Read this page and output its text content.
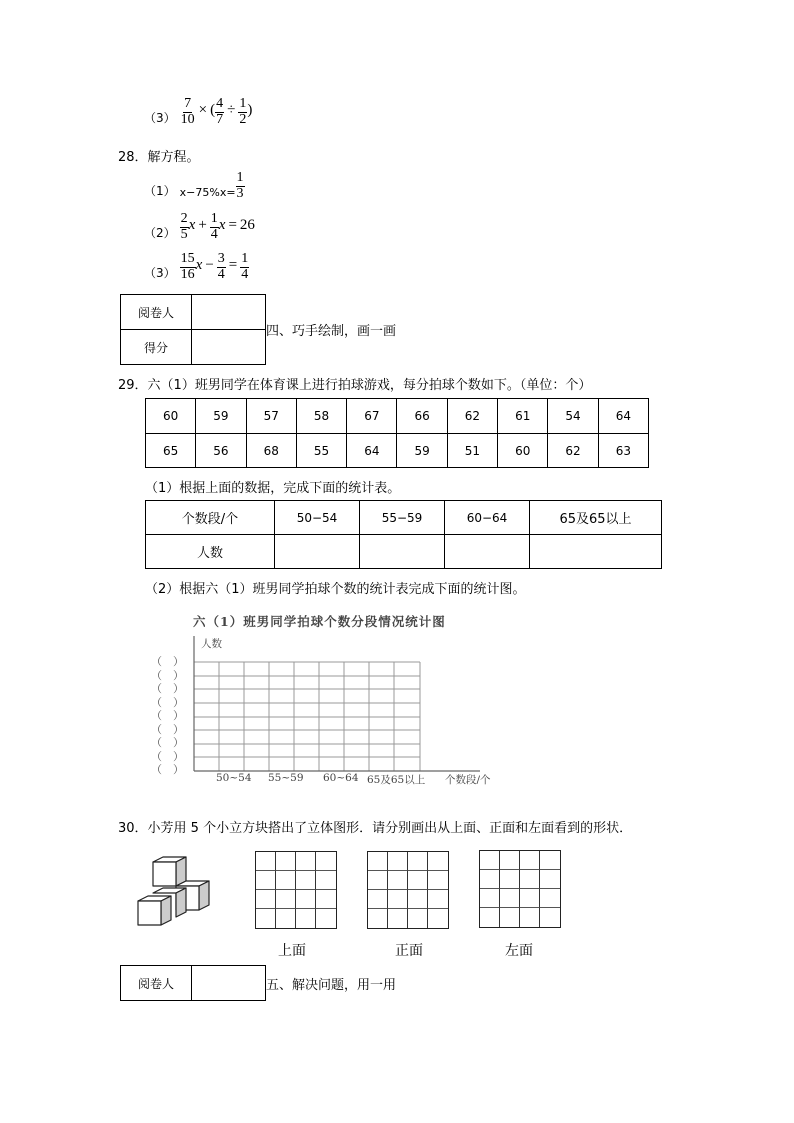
$(3) \frac{7}{10}$ × ( $\frac{4}{7} \div \frac{1}{2}$ )
28．解方程。
（1） $x-75\%x= \frac{1}{3}$
$(2) \frac{2}{5}$ $x + \frac{1}{4}$ x = 26
$(3) \frac{15}{16}$ $x - \frac{3}{4} = \frac{1}{4}$
阅卷人	
得分	
四、巧手绘制，画一画
29．六（1）班男同学在体育课上进行拍球游戏，每分拍球个数如下。（单位：个）
60	59	57	58	67	66	62	61	54	64
65	56	68	55	64	59	51	60	62	63
（1）根据上面的数据，完成下面的统计表。
个数段/个	50−54	55−59	60−64	65及65以上
人数				
（2）根据六（1）班男同学拍球个数的统计表完成下面的统计图。
六（1）班男同学拍球个数分段情况统计图
人数
（　）
（　）
（　）
（　）
（　）
（　）
（　）
（　）
（　）
50~54 55~59 60~64 65及65以上 个数段/个
30．小芳用 5 个小立方块搭出了立体图形．请分别画出从上面、正面和左面看到的形状．
上面	正面	左面
阅卷人		五、解决问题，用一用
